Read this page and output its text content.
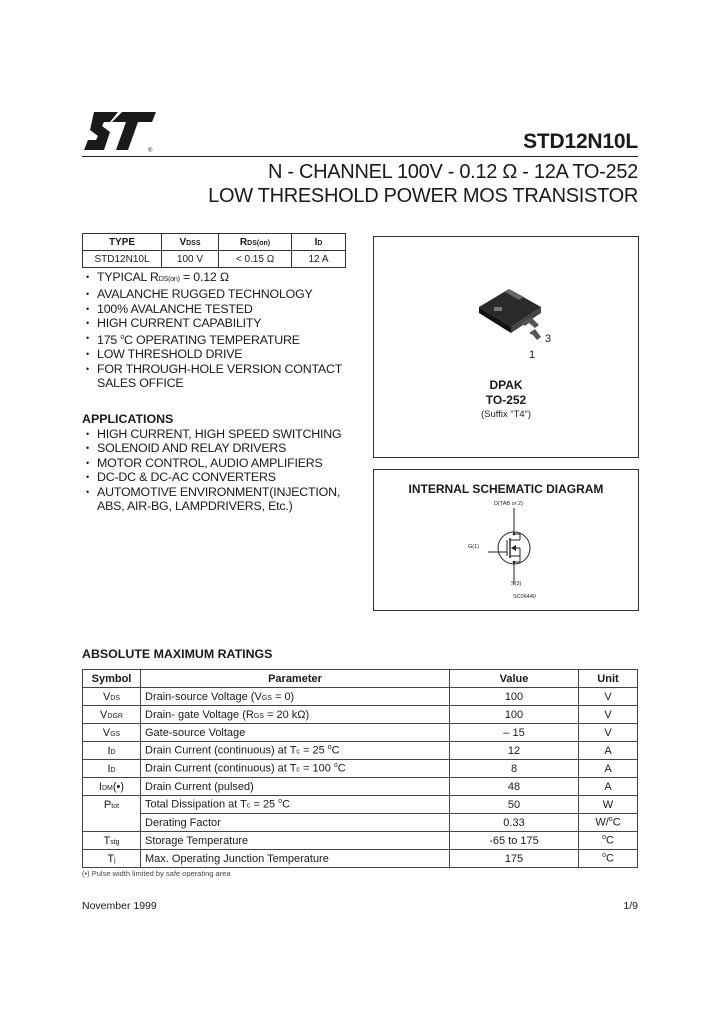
®	STD12N10L
N - CHANNEL 100V - 0.12 Ω - 12A TO-252
LOW THRESHOLD POWER MOS TRANSISTOR
TYPE	VDSS	RDS(on)	ID
STD12N10L	100 V	< 0.15 Ω	12 A
• TYPICAL RDS(on) = 0.12 Ω
• AVALANCHE RUGGED TECHNOLOGY
• 100% AVALANCHE TESTED
• HIGH CURRENT CAPABILITY
• 175 $^o$C OPERATING TEMPERATURE
• LOW THRESHOLD DRIVE
• FOR THROUGH-HOLE VERSION CONTACT
SALES OFFICE
APPLICATIONS
• HIGH CURRENT, HIGH SPEED SWITCHING
• SOLENOID AND RELAY DRIVERS
• MOTOR CONTROL, AUDIO AMPLIFIERS
• DC-DC & DC-AC CONVERTERS
• AUTOMOTIVE ENVIRONMENT(INJECTION,
ABS, AIR-BG, LAMPDRIVERS, Etc.)
3
1
DPAK
TO-252
(Suffix “T4”)
INTERNAL SCHEMATIC DIAGRAM
D(TAB or 2)
G(1)
S(3)
SC06440
ABSOLUTE MAXIMUM RATINGS
Symbol	Parameter	Value	Unit
VDS	Drain-source Voltage (VGS = 0)	100	V
VDGR	Drain- gate Voltage (RGS = 20 kΩ)	100	V
VGS	Gate-source Voltage	– 15	V
ID	Drain Current (continuous) at Tc = 25 $^o$C	12	A
ID	Drain Current (continuous) at Tc = 100 $^o$C	8	A
IDM(•)	Drain Current (pulsed)	48	A
Ptot	Total Dissipation at Tc = 25 $^o$C	50	W
	Derating Factor	0.33	W/$^o$C
Tstg	Storage Temperature	-65 to 175	$^o$C
Tj	Max. Operating Junction Temperature	175	$^o$C
(•) Pulse width limited by safe operating area
November 1999	1/9
